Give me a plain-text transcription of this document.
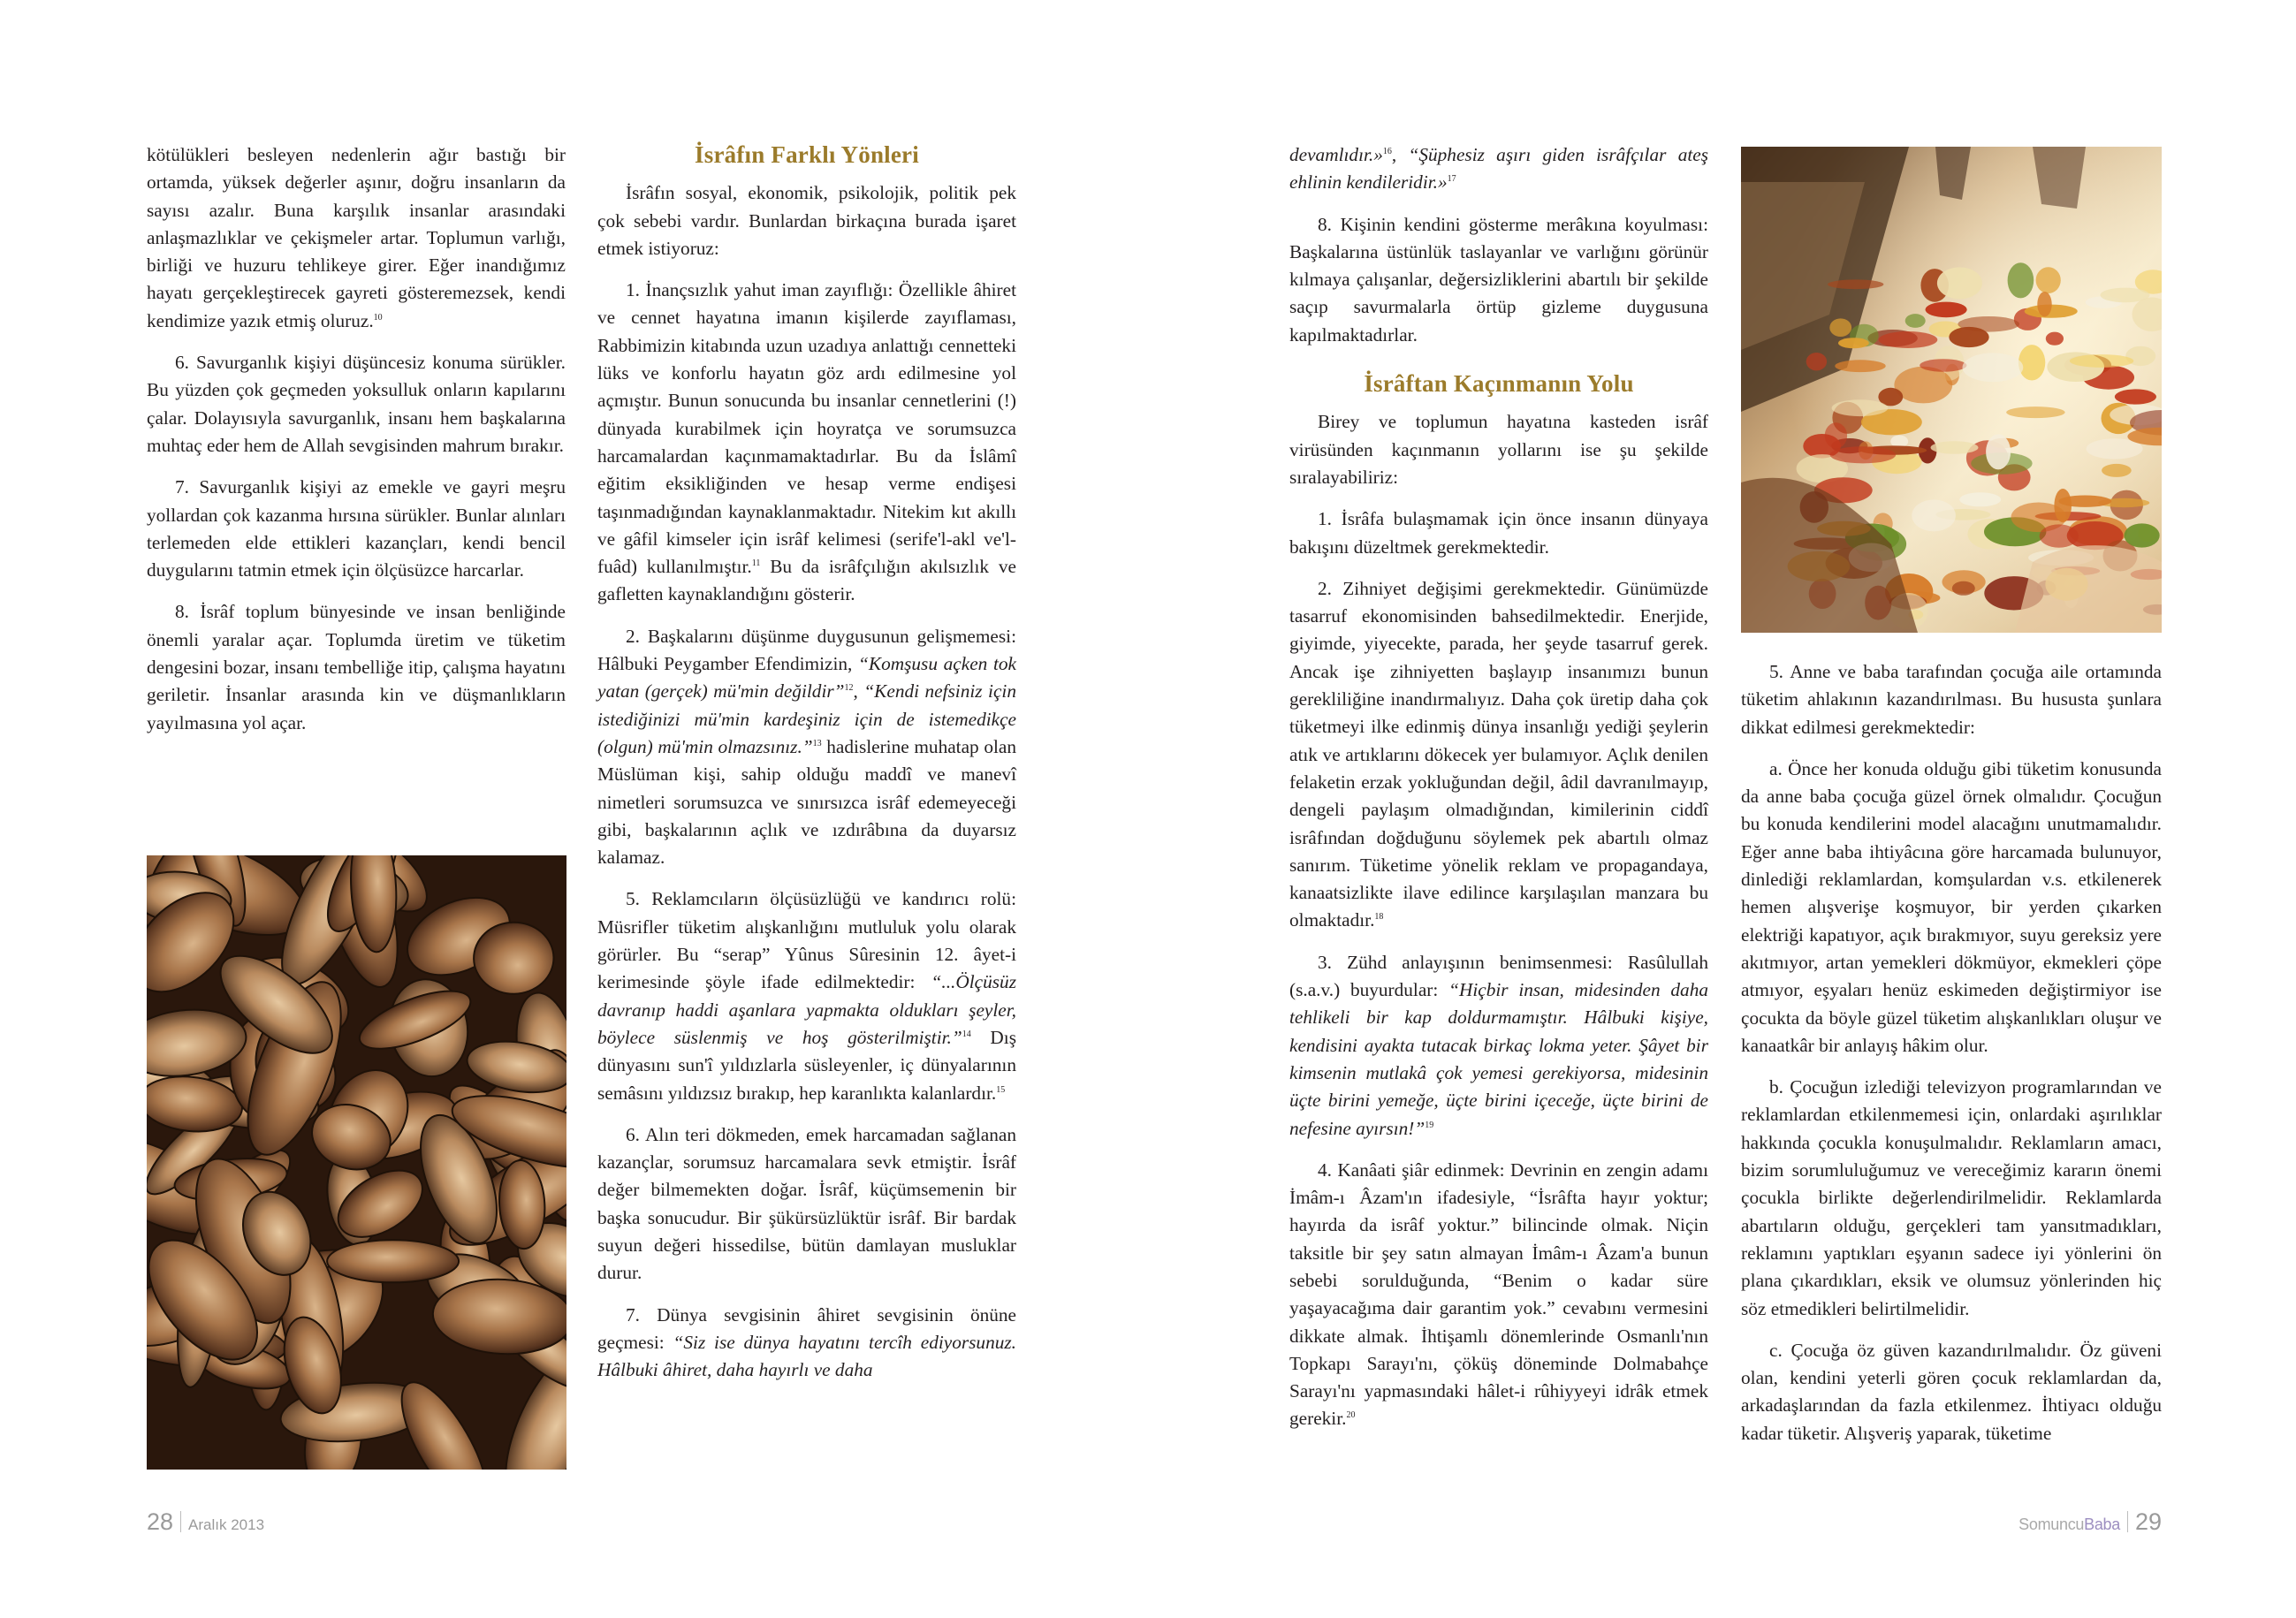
kötülükleri besleyen nedenlerin ağır bastığı bir ortamda, yüksek değerler aşınır, doğru insanların da sayısı azalır. Buna karşılık insanlar arasındaki anlaşmazlıklar ve çekişmeler artar. Toplumun varlığı, birliği ve huzuru tehlikeye girer. Eğer inandığımız hayatı gerçekleştirecek gayreti gösteremezsek, kendi kendimize yazık etmiş oluruz.$^{10}$

6. Savurganlık kişiyi düşüncesiz konuma sürükler. Bu yüzden çok geçmeden yoksulluk onların kapılarını çalar. Dolayısıyla savurganlık, insanı hem başkalarına muhtaç eder hem de Allah sevgisinden mahrum bırakır.

7. Savurganlık kişiyi az emekle ve gayri meşru yollardan çok kazanma hırsına sürükler. Bunlar alınları terlemeden elde ettikleri kazançları, kendi bencil duygularını tatmin etmek için ölçüsüzce harcarlar.

8. İsrâf toplum bünyesinde ve insan benliğinde önemli yaralar açar. Toplumda üretim ve tüketim dengesini bozar, insanı tembelliğe itip, çalışma hayatını geriletir. İnsanlar arasında kin ve düşmanlıkların yayılmasına yol açar.

İsrâfın Farklı Yönleri

İsrâfın sosyal, ekonomik, psikolojik, politik pek çok sebebi vardır. Bunlardan birkaçına burada işaret etmek istiyoruz:

1. İnançsızlık yahut iman zayıflığı: Özellikle âhiret ve cennet hayatına imanın kişilerde zayıflaması, Rabbimizin kitabında uzun uzadıya anlattığı cennetteki lüks ve konforlu hayatın göz ardı edilmesine yol açmıştır. Bunun sonucunda bu insanlar cennetlerini (!) dünyada kurabilmek için hoyratça ve sorumsuzca harcamalardan kaçınmamaktadırlar. Bu da İslâmî eğitim eksikliğinden ve hesap verme endişesi taşınmadığından kaynaklanmaktadır. Nitekim kıt akıllı ve gâfil kimseler için isrâf kelimesi (serife'l-akl ve'l-fuâd) kullanılmıştır.$^{11}$ Bu da isrâfçılığın akılsızlık ve gafletten kaynaklandığını gösterir.

2. Başkalarını düşünme duygusunun gelişmemesi: Hâlbuki Peygamber Efendimizin, “Komşusu açken tok yatan (gerçek) mü'min değildir”$^{12}$, “Kendi nefsiniz için istediğinizi mü'min kardeşiniz için de istemedikçe (olgun) mü'min olmazsınız.”$^{13}$ hadislerine muhatap olan Müslüman kişi, sahip olduğu maddî ve manevî nimetleri sorumsuzca ve sınırsızca isrâf edemeyeceği gibi, başkalarının açlık ve ızdırâbına da duyarsız kalamaz.

5. Reklamcıların ölçüsüzlüğü ve kandırıcı rolü: Müsrifler tüketim alışkanlığını mutluluk yolu olarak görürler. Bu “serap” Yûnus Sûresinin 12. âyet-i kerimesinde şöyle ifade edilmektedir: “...Ölçüsüz davranıp haddi aşanlara yapmakta oldukları şeyler, böylece süslenmiş ve hoş gösterilmiştir.”$^{14}$ Dış dünyasını sun'î yıldızlarla süsleyenler, iç dünyalarının semâsını yıldızsız bırakıp, hep karanlıkta kalanlardır.$^{15}$

6. Alın teri dökmeden, emek harcamadan sağlanan kazançlar, sorumsuz harcamalara sevk etmiştir. İsrâf değer bilmemekten doğar. İsrâf, küçümsemenin bir başka sonucudur. Bir şükürsüzlüktür isrâf. Bir bardak suyun değeri hissedilse, bütün damlayan musluklar durur.

7. Dünya sevgisinin âhiret sevgisinin önüne geçmesi: “Siz ise dünya hayatını tercîh ediyorsunuz. Hâlbuki âhiret, daha hayırlı ve daha

28 Aralık 2013

devamlıdır.»$^{16}$, “Şüphesiz aşırı giden isrâfçılar ateş ehlinin kendileridir.»$^{17}$

8. Kişinin kendini gösterme merâkına koyulması: Başkalarına üstünlük taslayanlar ve varlığını görünür kılmaya çalışanlar, değersizliklerini abartılı bir şekilde saçıp savurmalarla örtüp gizleme duygusuna kapılmaktadırlar.

İsrâftan Kaçınmanın Yolu

Birey ve toplumun hayatına kasteden isrâf virüsünden kaçınmanın yollarını ise şu şekilde sıralayabiliriz:

1. İsrâfa bulaşmamak için önce insanın dünyaya bakışını düzeltmek gerekmektedir.

2. Zihniyet değişimi gerekmektedir. Günümüzde tasarruf ekonomisinden bahsedilmektedir. Enerjide, giyimde, yiyecekte, parada, her şeyde tasarruf gerek. Ancak işe zihniyetten başlayıp insanımızı bunun gerekliliğine inandırmalıyız. Daha çok üretip daha çok tüketmeyi ilke edinmiş dünya insanlığı yediği şeylerin atık ve artıklarını dökecek yer bulamıyor. Açlık denilen felaketin erzak yokluğundan değil, âdil davranılmayıp, dengeli paylaşım olmadığından, kimilerinin ciddî isrâfından doğduğunu söylemek pek abartılı olmaz sanırım. Tüketime yönelik reklam ve propagandaya, kanaatsizlikte ilave edilince karşılaşılan manzara bu olmaktadır.$^{18}$

3. Zühd anlayışının benimsenmesi: Rasûlullah (s.a.v.) buyurdular: “Hiçbir insan, midesinden daha tehlikeli bir kap doldurmamıştır. Hâlbuki kişiye, kendisini ayakta tutacak birkaç lokma yeter. Şâyet bir kimsenin mutlakâ çok yemesi gerekiyorsa, midesinin üçte birini yemeğe, üçte birini içeceğe, üçte birini de nefesine ayırsın!”$^{19}$

4. Kanâati şiâr edinmek: Devrinin en zengin adamı İmâm-ı Âzam'ın ifadesiyle, “İsrâfta hayır yoktur; hayırda da isrâf yoktur.” bilincinde olmak. Niçin taksitle bir şey satın almayan İmâm-ı Âzam'a bunun sebebi sorulduğunda, “Benim o kadar süre yaşayacağıma dair garantim yok.” cevabını vermesini dikkate almak. İhtişamlı dönemlerinde Osmanlı'nın Topkapı Sarayı'nı, çöküş döneminde Dolmabahçe Sarayı'nı yapmasındaki hâlet-i rûhiyyeyi idrâk etmek gerekir.$^{20}$

5. Anne ve baba tarafından çocuğa aile ortamında tüketim ahlakının kazandırılması. Bu hususta şunlara dikkat edilmesi gerekmektedir:

a. Önce her konuda olduğu gibi tüketim konusunda da anne baba çocuğa güzel örnek olmalıdır. Çocuğun bu konuda kendilerini model alacağını unutmamalıdır. Eğer anne baba ihtiyâcına göre harcamada bulunuyor, dinlediği reklamlardan, komşulardan v.s. etkilenerek hemen alışverişe koşmuyor, bir yerden çıkarken elektriği kapatıyor, açık bırakmıyor, suyu gereksiz yere akıtmıyor, artan yemekleri dökmüyor, ekmekleri çöpe atmıyor, eşyaları henüz eskimeden değiştirmiyor ise çocukta da böyle güzel tüketim alışkanlıkları oluşur ve kanaatkâr bir anlayış hâkim olur.

b. Çocuğun izlediği televizyon programlarından ve reklamlardan etkilenmemesi için, onlardaki aşırılıklar hakkında çocukla konuşulmalıdır. Reklamların amacı, bizim sorumluluğumuz ve vereceğimiz kararın önemi çocukla birlikte değerlendirilmelidir. Reklamlarda abartıların olduğu, gerçekleri tam yansıtmadıkları, reklamını yaptıkları eşyanın sadece iyi yönlerini ön plana çıkardıkları, eksik ve olumsuz yönlerinden hiç söz etmedikleri belirtilmelidir.

c. Çocuğa öz güven kazandırılmalıdır. Öz güveni olan, kendini yeterli gören çocuk reklamlardan da, arkadaşlarından da fazla etkilenmez. İhtiyacı olduğu kadar tüketir. Alışveriş yaparak, tüketime

SomuncuBaba 29
